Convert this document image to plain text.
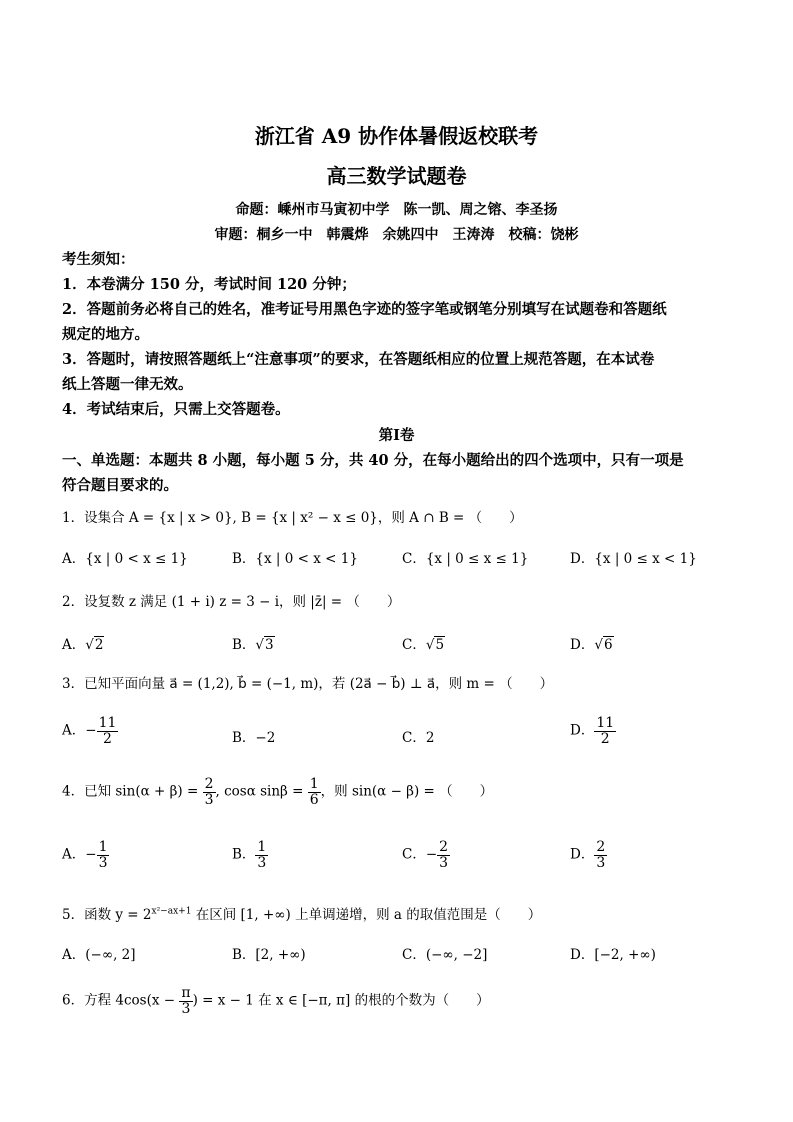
浙江省 A9 协作体暑假返校联考
高三数学试题卷
命题：嵊州市马寅初中学　陈一凯、周之镕、李圣扬
审题：桐乡一中　韩震烨　余姚四中　王涛涛　校稿：饶彬
考生须知：
1．本卷满分 150 分，考试时间 120 分钟；
2．答题前务必将自己的姓名，准考证号用黑色字迹的签字笔或钢笔分别填写在试题卷和答题纸
规定的地方。
3．答题时，请按照答题纸上“注意事项”的要求，在答题纸相应的位置上规范答题，在本试卷
纸上答题一律无效。
4．考试结束后，只需上交答题卷。
第Ⅰ卷
一、单选题：本题共 8 小题，每小题 5 分，共 40 分，在每小题给出的四个选项中，只有一项是
符合题目要求的。
1．设集合 A = {x | x > 0}, B = {x | x² − x ≤ 0}，则 A ∩ B = （　　）
A．{x | 0 < x ≤ 1}	B．{x | 0 < x < 1}	C．{x | 0 ≤ x ≤ 1}	D．{x | 0 ≤ x < 1}
2．设复数 z 满足 (1 + i) z = 3 − i，则 |z̄| = （　　）
A．√2	B．√3	C．√5	D．√6
3．已知平面向量 a⃗ = (1,2), b⃗ = (−1, m)，若 (2a⃗ − b⃗) ⊥ a⃗，则 m = （　　）
A．− $\frac{11}{2}$	B．−2	C．2	D． $\frac{11}{2}$
4．已知 $\sin(\alpha + \beta) = \frac{2}{3}$ , cosα $\sin\beta = \frac{1}{6}$ ，则 sin(α − β) = （　　）
A．− $\frac{1}{3}$	B． $\frac{1}{3}$	C．− $\frac{2}{3}$	D． $\frac{2}{3}$
5．函数 $y = 2^{x^2-ax+1}$ 在区间 [1, +∞) 上单调递增，则 a 的取值范围是（　　）
A．(−∞, 2]	B．[2, +∞)	C．(−∞, −2]	D．[−2, +∞)
6．方程 $4\cos(x - \frac{\pi}{3}$ ) = x − 1 在 x ∈ [−π, π] 的根的个数为（　　）
